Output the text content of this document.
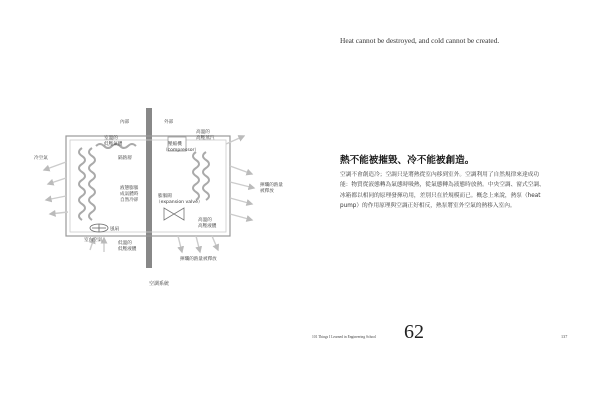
內部	外部
室溫的
低壓氣體
高溫的
高壓蒸汽
壓縮機
（compressor）
隔熱層
冷空氣
液態膨脹
成氣體時
自然冷卻
膨脹閥
（expansion valve）
高溫的
高壓液體
揮爛的熱量
被釋放
揮爛的熱量被釋放
室內空氣
風扇
低溫的
低壓液體
空調系統
Heat cannot be destroyed, and cold cannot be created.
熱不能被摧毀、冷不能被創造。

空調不會創造冷；空調只是將熱從室內移到室外。空調利用了自然規律來達成功

能：物質從液態轉為氣態時吸熱，從氣態轉為液態時放熱。中央空調、窗式空調、

冰箱都以相同的原理發揮功用，差別只在於規模而已。概念上來說，熱泵（heat

pump）的作用原理與空調正好相反，熱泵將室外空氣的熱移入室內。

101 Things I Learned in Engineering School 62	137
